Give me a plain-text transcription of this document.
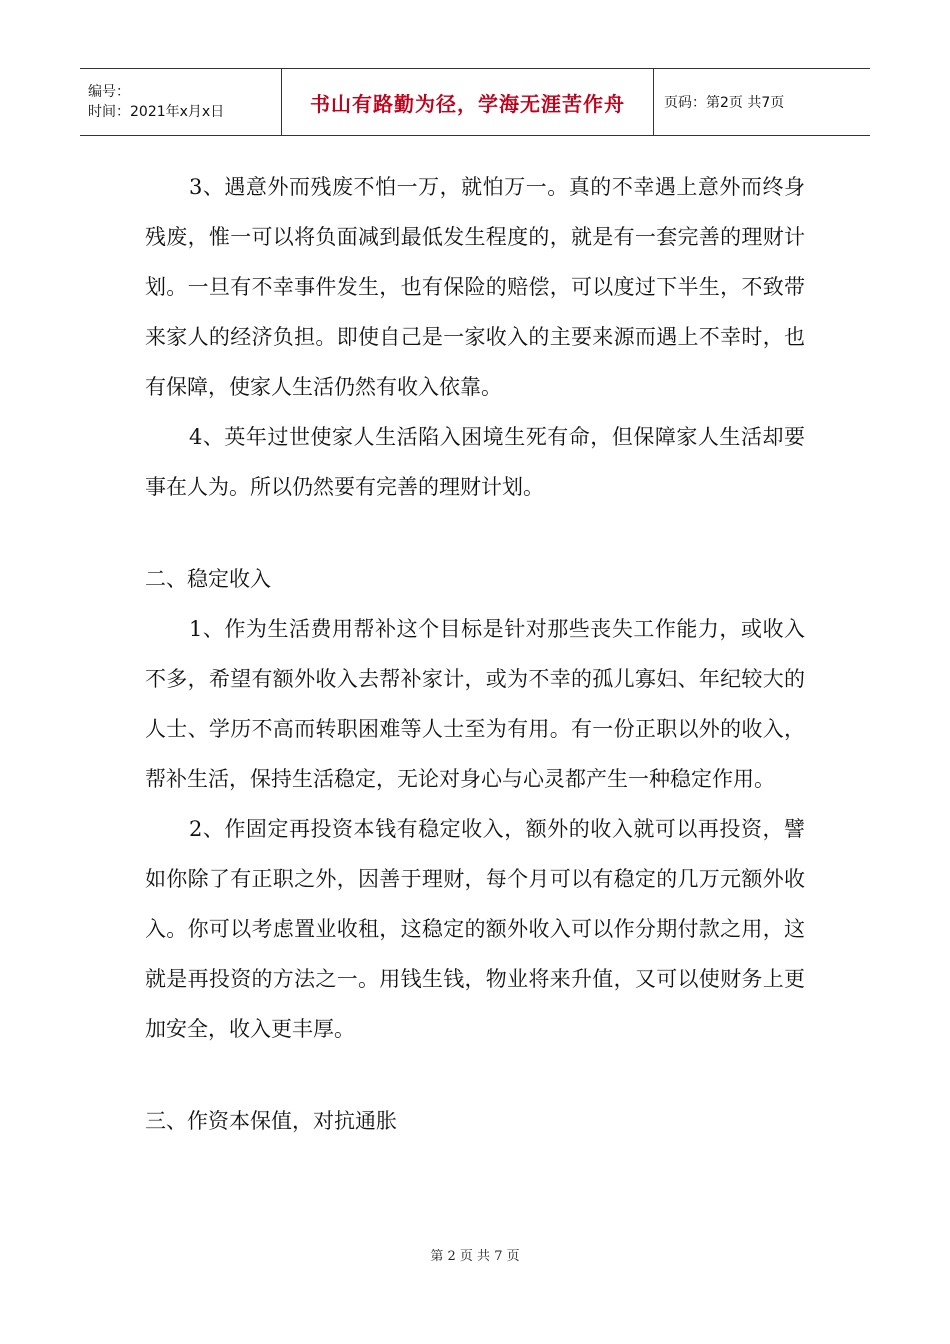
编号：
时间：2021年x月x日	书山有路勤为径，学海无涯苦作舟	页码：第2页 共7页

3、遇意外而残废不怕一万，就怕万一。真的不幸遇上意外而终身残废，惟一可以将负面减到最低发生程度的，就是有一套完善的理财计划。一旦有不幸事件发生，也有保险的赔偿，可以度过下半生，不致带来家人的经济负担。即使自己是一家收入的主要来源而遇上不幸时，也有保障，使家人生活仍然有收入依靠。

4、英年过世使家人生活陷入困境生死有命，但保障家人生活却要事在人为。所以仍然要有完善的理财计划。

二、稳定收入

1、作为生活费用帮补这个目标是针对那些丧失工作能力，或收入不多，希望有额外收入去帮补家计，或为不幸的孤儿寡妇、年纪较大的人士、学历不高而转职困难等人士至为有用。有一份正职以外的收入，帮补生活，保持生活稳定，无论对身心与心灵都产生一种稳定作用。

2、作固定再投资本钱有稳定收入，额外的收入就可以再投资，譬如你除了有正职之外，因善于理财，每个月可以有稳定的几万元额外收入。你可以考虑置业收租，这稳定的额外收入可以作分期付款之用，这就是再投资的方法之一。用钱生钱，物业将来升值，又可以使财务上更加安全，收入更丰厚。

三、作资本保值，对抗通胀

第 2 页 共 7 页
